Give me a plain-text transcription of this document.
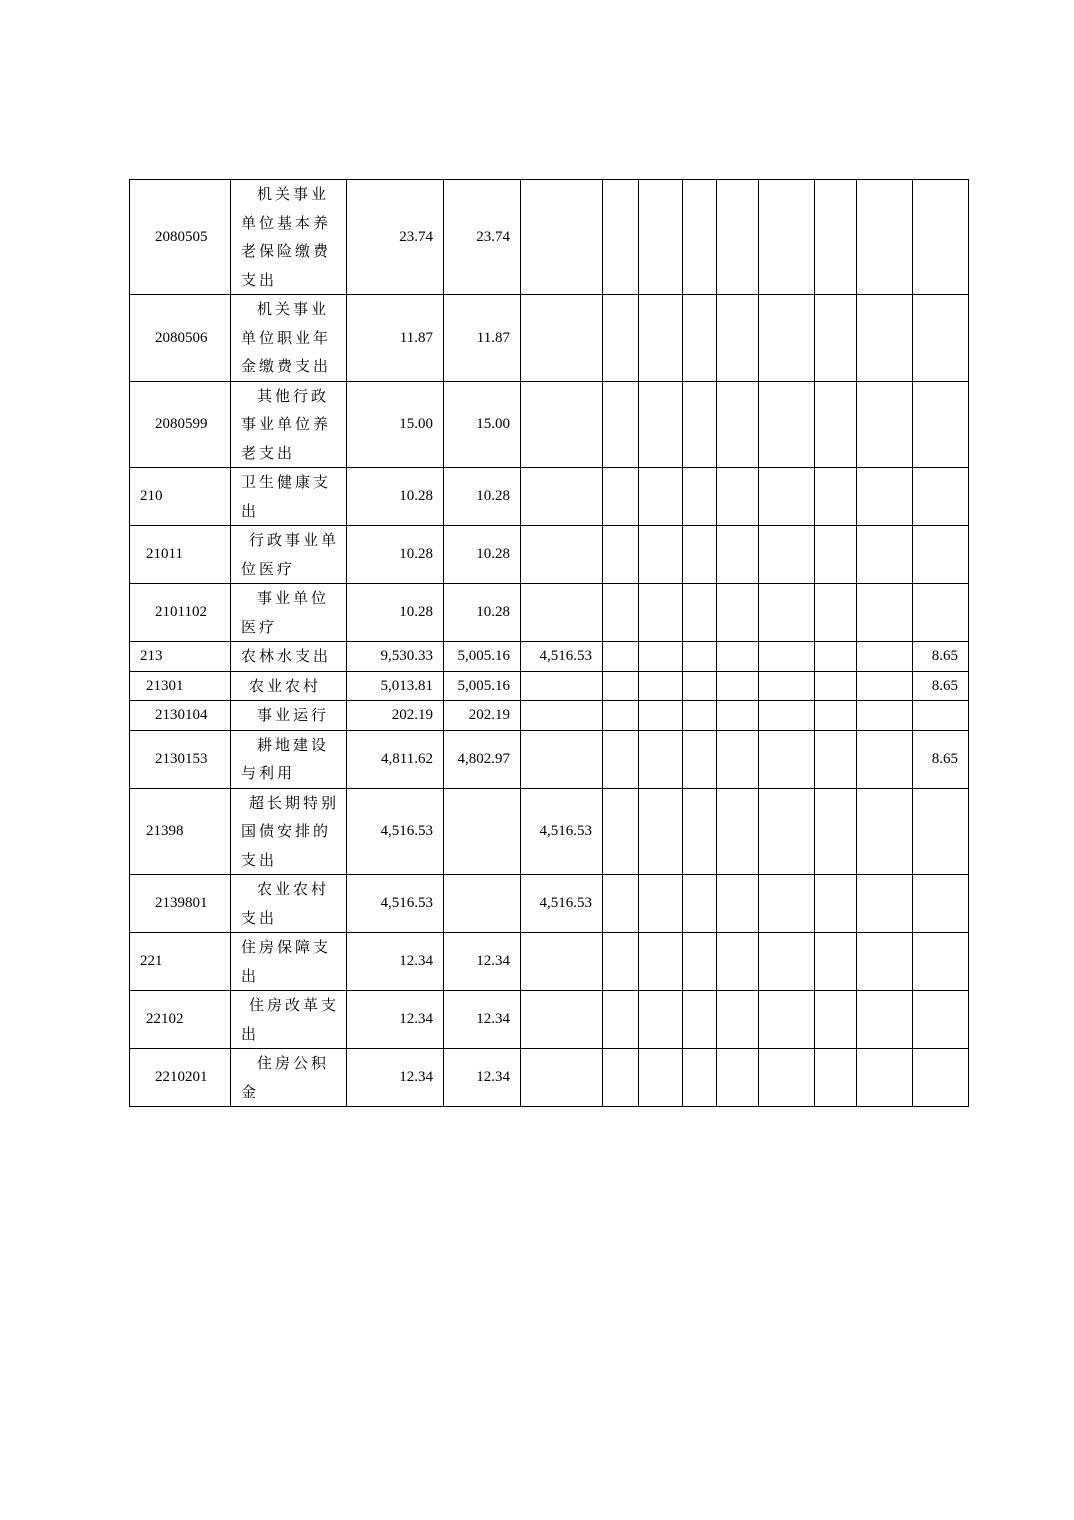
2080505	机关事业单位基本养老保险缴费支出	23.74	23.74										
2080506	机关事业单位职业年金缴费支出	11.87	11.87										
2080599	其他行政事业单位养老支出	15.00	15.00										
210	卫生健康支出	10.28	10.28										
21011	行政事业单位医疗	10.28	10.28										
2101102	事业单位医疗	10.28	10.28										
213	农林水支出	9,530.33	5,005.16	4,516.53								8.65	
21301	农业农村	5,013.81	5,005.16									8.65	
2130104	事业运行	202.19	202.19										
2130153	耕地建设与利用	4,811.62	4,802.97									8.65	
21398	超长期特别国债安排的支出	4,516.53		4,516.53									
2139801	农业农村支出	4,516.53		4,516.53									
221	住房保障支出	12.34	12.34										
22102	住房改革支出	12.34	12.34										
2210201	住房公积金	12.34	12.34										
